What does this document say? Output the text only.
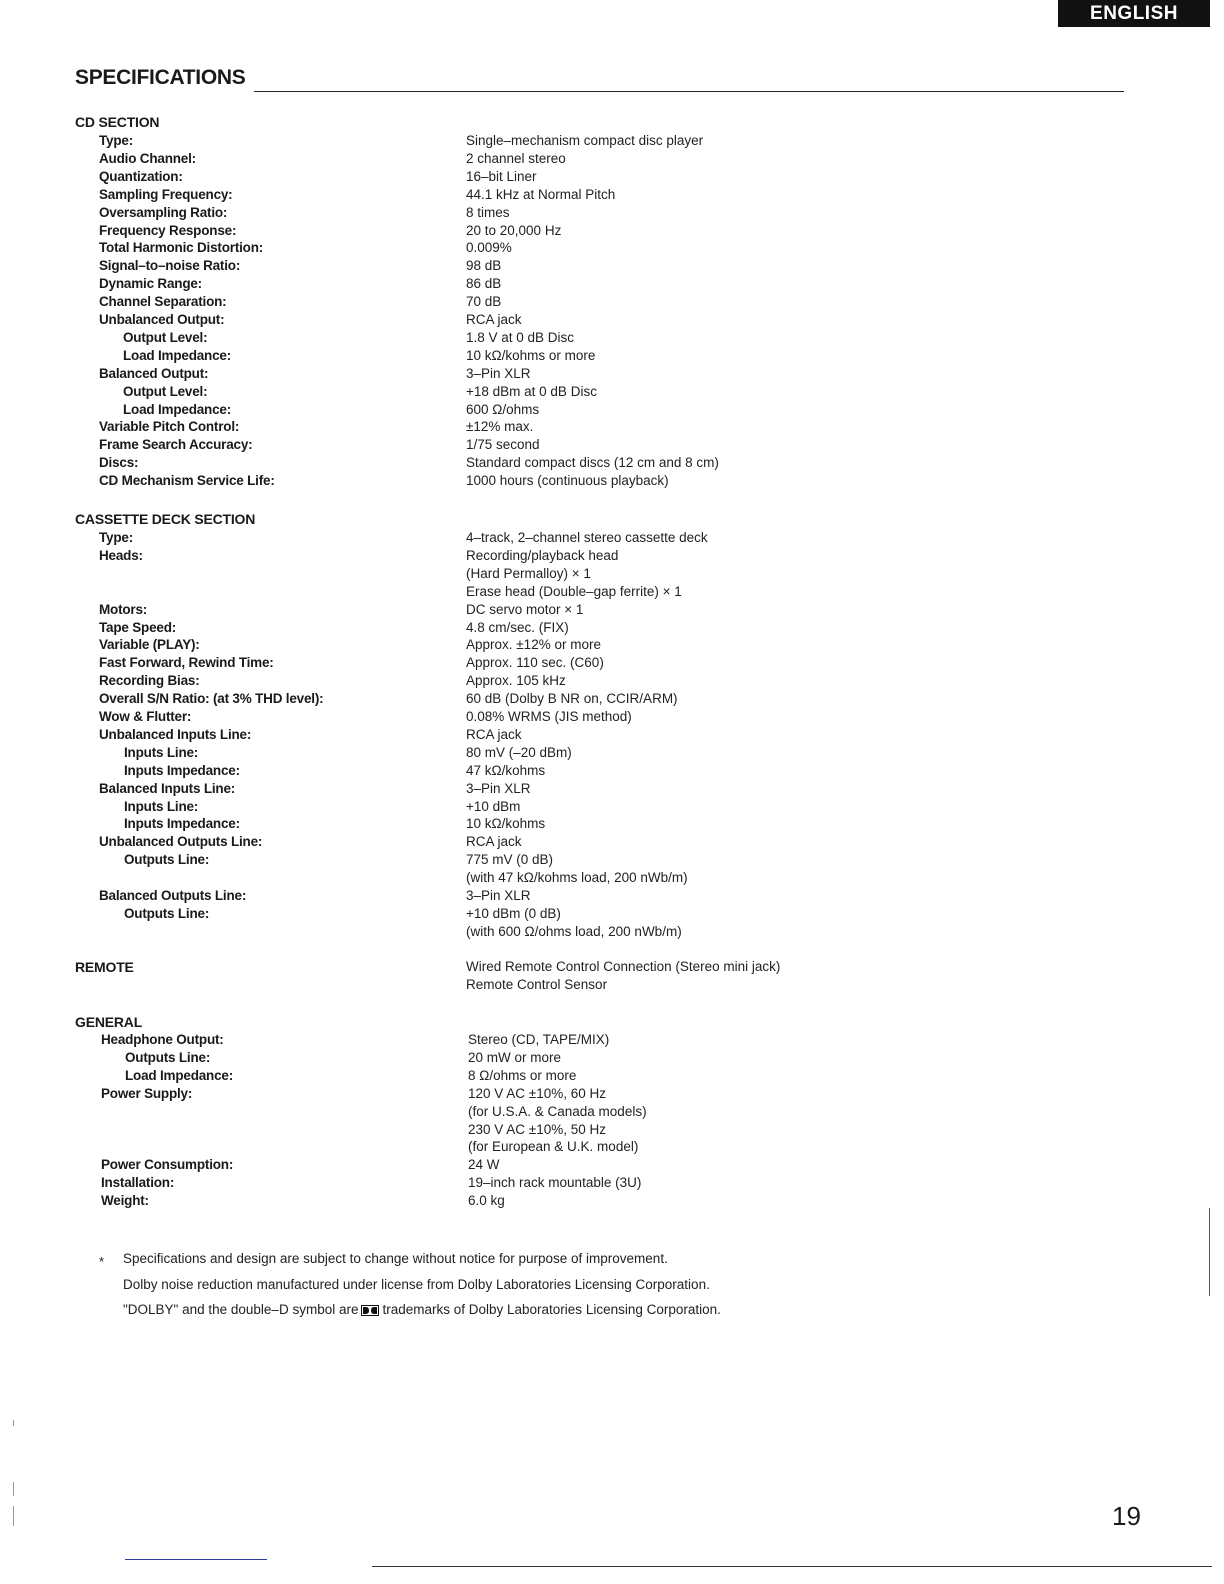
ENGLISH
SPECIFICATIONS
CD SECTION
Type:	Single–mechanism compact disc player
Audio Channel:	2 channel stereo
Quantization:	16–bit Liner
Sampling Frequency:	44.1 kHz at Normal Pitch
Oversampling Ratio:	8 times
Frequency Response:	20 to 20,000 Hz
Total Harmonic Distortion:	0.009%
Signal–to–noise Ratio:	98 dB
Dynamic Range:	86 dB
Channel Separation:	70 dB
Unbalanced Output:	RCA jack
Output Level:	1.8 V at 0 dB Disc
Load Impedance:	10 kΩ/kohms or more
Balanced Output:	3–Pin XLR
Output Level:	+18 dBm at 0 dB Disc
Load Impedance:	600 Ω/ohms
Variable Pitch Control:	±12% max.
Frame Search Accuracy:	1/75 second
Discs:	Standard compact discs (12 cm and 8 cm)
CD Mechanism Service Life:	1000 hours (continuous playback)
CASSETTE DECK SECTION
Type:	4–track, 2–channel stereo cassette deck
Heads:	Recording/playback head
(Hard Permalloy) × 1
Erase head (Double–gap ferrite) × 1
Motors:	DC servo motor × 1
Tape Speed:	4.8 cm/sec. (FIX)
Variable (PLAY):	Approx. ±12% or more
Fast Forward, Rewind Time:	Approx. 110 sec. (C60)
Recording Bias:	Approx. 105 kHz
Overall S/N Ratio: (at 3% THD level):	60 dB (Dolby B NR on, CCIR/ARM)
Wow & Flutter:	0.08% WRMS (JIS method)
Unbalanced Inputs Line:	RCA jack
Inputs Line:	80 mV (–20 dBm)
Inputs Impedance:	47 kΩ/kohms
Balanced Inputs Line:	3–Pin XLR
Inputs Line:	+10 dBm
Inputs Impedance:	10 kΩ/kohms
Unbalanced Outputs Line:	RCA jack
Outputs Line:	775 mV (0 dB)
(with 47 kΩ/kohms load, 200 nWb/m)
Balanced Outputs Line:	3–Pin XLR
Outputs Line:	+10 dBm (0 dB)
(with 600 Ω/ohms load, 200 nWb/m)
REMOTE	Wired Remote Control Connection (Stereo mini jack)
Remote Control Sensor
GENERAL
Headphone Output:	Stereo (CD, TAPE/MIX)
Outputs Line:	20 mW or more
Load Impedance:	8 Ω/ohms or more
Power Supply:	120 V AC ±10%, 60 Hz
(for U.S.A. & Canada models)
230 V AC ±10%, 50 Hz
(for European & U.K. model)
Power Consumption:	24 W
Installation:	19–inch rack mountable (3U)
Weight:	6.0 kg
* Specifications and design are subject to change without notice for purpose of improvement.
Dolby noise reduction manufactured under license from Dolby Laboratories Licensing Corporation.
"DOLBY" and the double–D symbol are trademarks of Dolby Laboratories Licensing Corporation.
19
